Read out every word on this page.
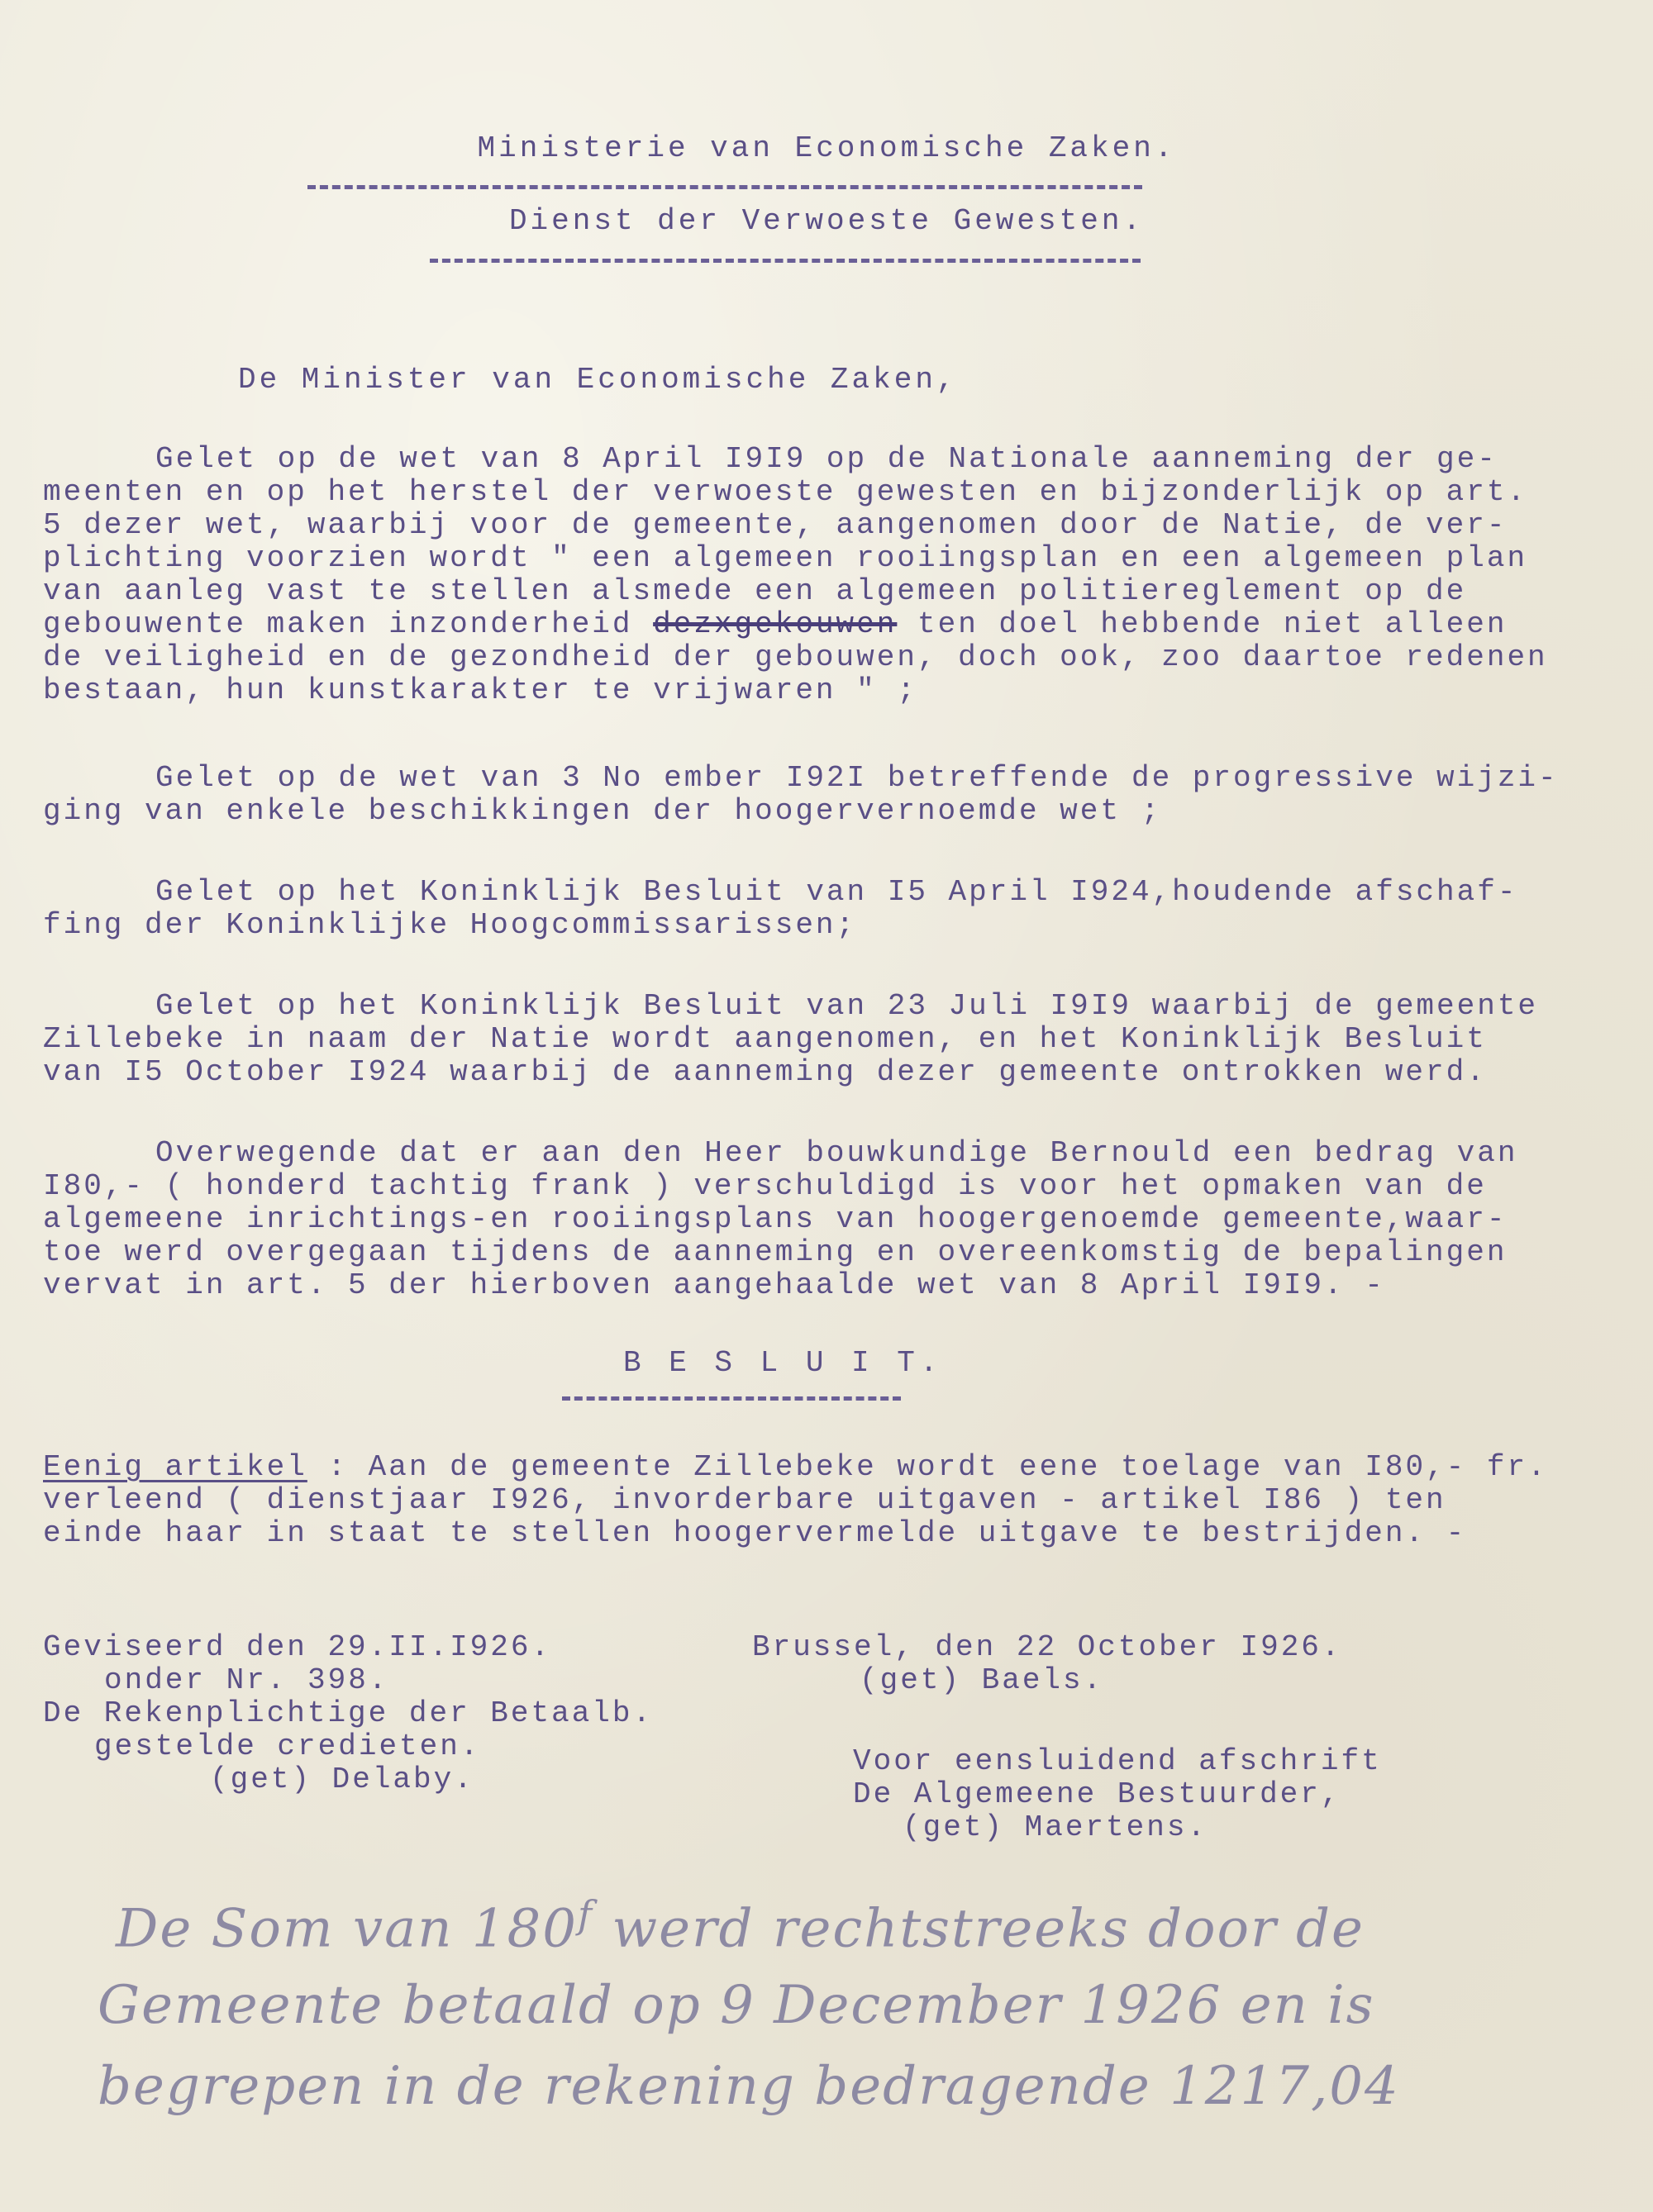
Ministerie van Economische Zaken.
Dienst der Verwoeste Gewesten.
De Minister van Economische Zaken,
Gelet op de wet van 8 April I9I9 op de Nationale aanneming der ge-
meenten en op het herstel der verwoeste gewesten en bijzonderlijk op art.
5 dezer wet, waarbij voor de gemeente, aangenomen door de Natie, de ver-
plichting voorzien wordt " een algemeen rooiingsplan en een algemeen plan
van aanleg vast te stellen alsmede een algemeen politiereglement op de
gebouwente maken inzonderheid dezxgekouwen ten doel hebbende niet alleen
de veiligheid en de gezondheid der gebouwen, doch ook, zoo daartoe redenen
bestaan, hun kunstkarakter te vrijwaren " ;
Gelet op de wet van 3 No ember I92I betreffende de progressive wijzi-
ging van enkele beschikkingen der hoogervernoemde wet ;
Gelet op het Koninklijk Besluit van I5 April I924,houdende afschaf-
fing der Koninklijke Hoogcommissarissen;
Gelet op het Koninklijk Besluit van 23 Juli I9I9 waarbij de gemeente
Zillebeke in naam der Natie wordt aangenomen, en het Koninklijk Besluit
van I5 October I924 waarbij de aanneming dezer gemeente ontrokken werd.
Overwegende dat er aan den Heer bouwkundige Bernould een bedrag van
I80,- ( honderd tachtig frank ) verschuldigd is voor het opmaken van de
algemeene inrichtings-en rooiingsplans van hoogergenoemde gemeente,waar-
toe werd overgegaan tijdens de aanneming en overeenkomstig de bepalingen
vervat in art. 5 der hierboven aangehaalde wet van 8 April I9I9. -
B E S L U I T.
Eenig artikel : Aan de gemeente Zillebeke wordt eene toelage van I80,- fr.
verleend ( dienstjaar I926, invorderbare uitgaven - artikel I86 ) ten
einde haar in staat te stellen hoogervermelde uitgave te bestrijden. -
Geviseerd den 29.II.I926.
onder Nr. 398.
De Rekenplichtige der Betaalb.
gestelde credieten.
(get) Delaby.
Brussel, den 22 October I926.
(get) Baels.
Voor eensluidend afschrift
De Algemeene Bestuurder,
(get) Maertens.
De Som van 180$^f$ werd rechtstreeks door de
Gemeente betaald op 9 December 1926 en is
begrepen in de rekening bedragende 1217,04
